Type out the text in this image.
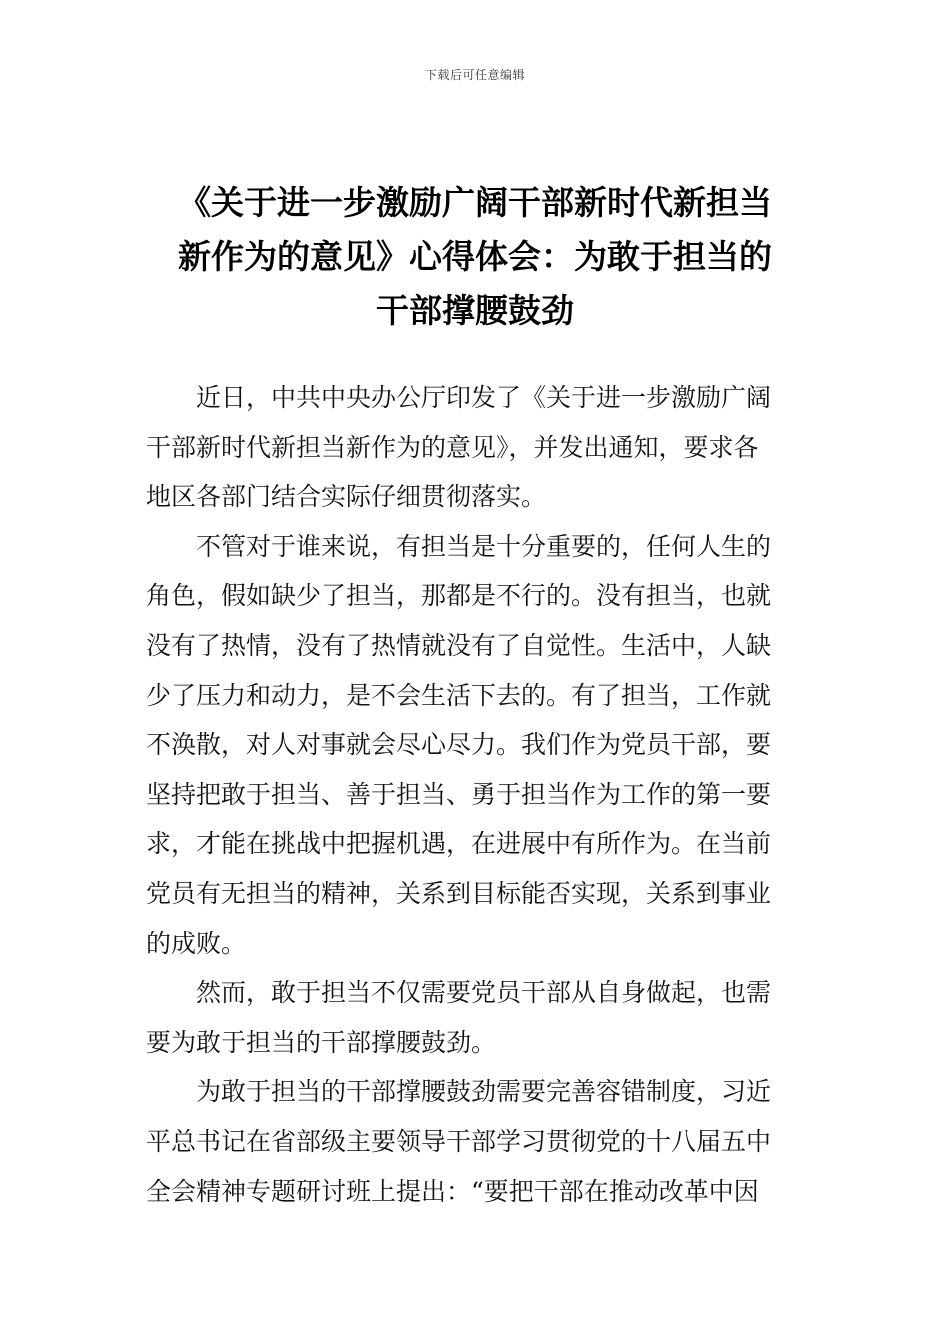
下载后可任意编辑
《关于进一步激励广阔干部新时代新担当
新作为的意见》心得体会：为敢于担当的
干部撑腰鼓劲

近日，中共中央办公厅印发了《关于进一步激励广阔
干部新时代新担当新作为的意见》，并发出通知，要求各
地区各部门结合实际仔细贯彻落实。

不管对于谁来说，有担当是十分重要的，任何人生的
角色，假如缺少了担当，那都是不行的。没有担当，也就
没有了热情，没有了热情就没有了自觉性。生活中，人缺
少了压力和动力，是不会生活下去的。有了担当，工作就
不涣散，对人对事就会尽心尽力。我们作为党员干部，要
坚持把敢于担当、善于担当、勇于担当作为工作的第一要
求，才能在挑战中把握机遇，在进展中有所作为。在当前
党员有无担当的精神，关系到目标能否实现，关系到事业
的成败。

然而，敢于担当不仅需要党员干部从自身做起，也需
要为敢于担当的干部撑腰鼓劲。

为敢于担当的干部撑腰鼓劲需要完善容错制度，习近
平总书记在省部级主要领导干部学习贯彻党的十八届五中
全会精神专题研讨班上提出：“要把干部在推动改革中因
